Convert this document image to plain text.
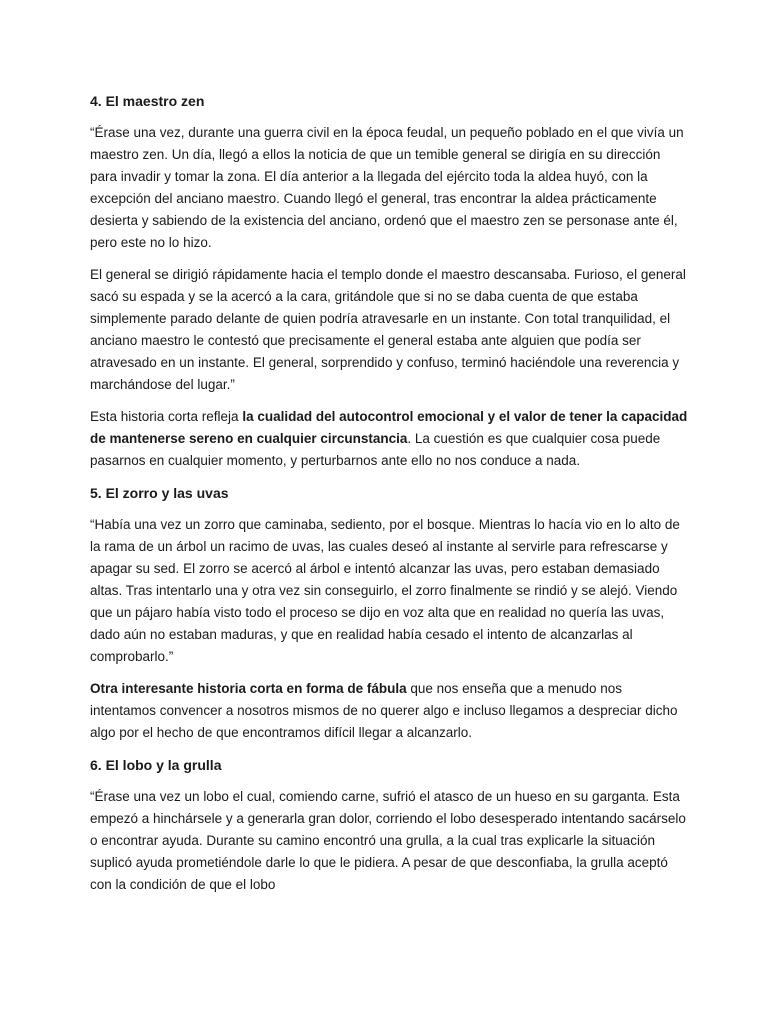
4. El maestro zen

“Érase una vez, durante una guerra civil en la época feudal, un pequeño poblado en el que vivía un maestro zen. Un día, llegó a ellos la noticia de que un temible general se dirigía en su dirección para invadir y tomar la zona. El día anterior a la llegada del ejército toda la aldea huyó, con la excepción del anciano maestro. Cuando llegó el general, tras encontrar la aldea prácticamente desierta y sabiendo de la existencia del anciano, ordenó que el maestro zen se personase ante él, pero este no lo hizo.

El general se dirigió rápidamente hacia el templo donde el maestro descansaba. Furioso, el general sacó su espada y se la acercó a la cara, gritándole que si no se daba cuenta de que estaba simplemente parado delante de quien podría atravesarle en un instante. Con total tranquilidad, el anciano maestro le contestó que precisamente el general estaba ante alguien que podía ser atravesado en un instante. El general, sorprendido y confuso, terminó haciéndole una reverencia y marchándose del lugar.”

Esta historia corta refleja la cualidad del autocontrol emocional y el valor de tener la capacidad de mantenerse sereno en cualquier circunstancia. La cuestión es que cualquier cosa puede pasarnos en cualquier momento, y perturbarnos ante ello no nos conduce a nada.

5. El zorro y las uvas

“Había una vez un zorro que caminaba, sediento, por el bosque. Mientras lo hacía vio en lo alto de la rama de un árbol un racimo de uvas, las cuales deseó al instante al servirle para refrescarse y apagar su sed. El zorro se acercó al árbol e intentó alcanzar las uvas, pero estaban demasiado altas. Tras intentarlo una y otra vez sin conseguirlo, el zorro finalmente se rindió y se alejó. Viendo que un pájaro había visto todo el proceso se dijo en voz alta que en realidad no quería las uvas, dado aún no estaban maduras, y que en realidad había cesado el intento de alcanzarlas al comprobarlo.”

Otra interesante historia corta en forma de fábula que nos enseña que a menudo nos intentamos convencer a nosotros mismos de no querer algo e incluso llegamos a despreciar dicho algo por el hecho de que encontramos difícil llegar a alcanzarlo.

6. El lobo y la grulla

“Érase una vez un lobo el cual, comiendo carne, sufrió el atasco de un hueso en su garganta. Esta empezó a hinchársele y a generarla gran dolor, corriendo el lobo desesperado intentando sacárselo o encontrar ayuda. Durante su camino encontró una grulla, a la cual tras explicarle la situación suplicó ayuda prometiéndole darle lo que le pidiera. A pesar de que desconfiaba, la grulla aceptó con la condición de que el lobo
